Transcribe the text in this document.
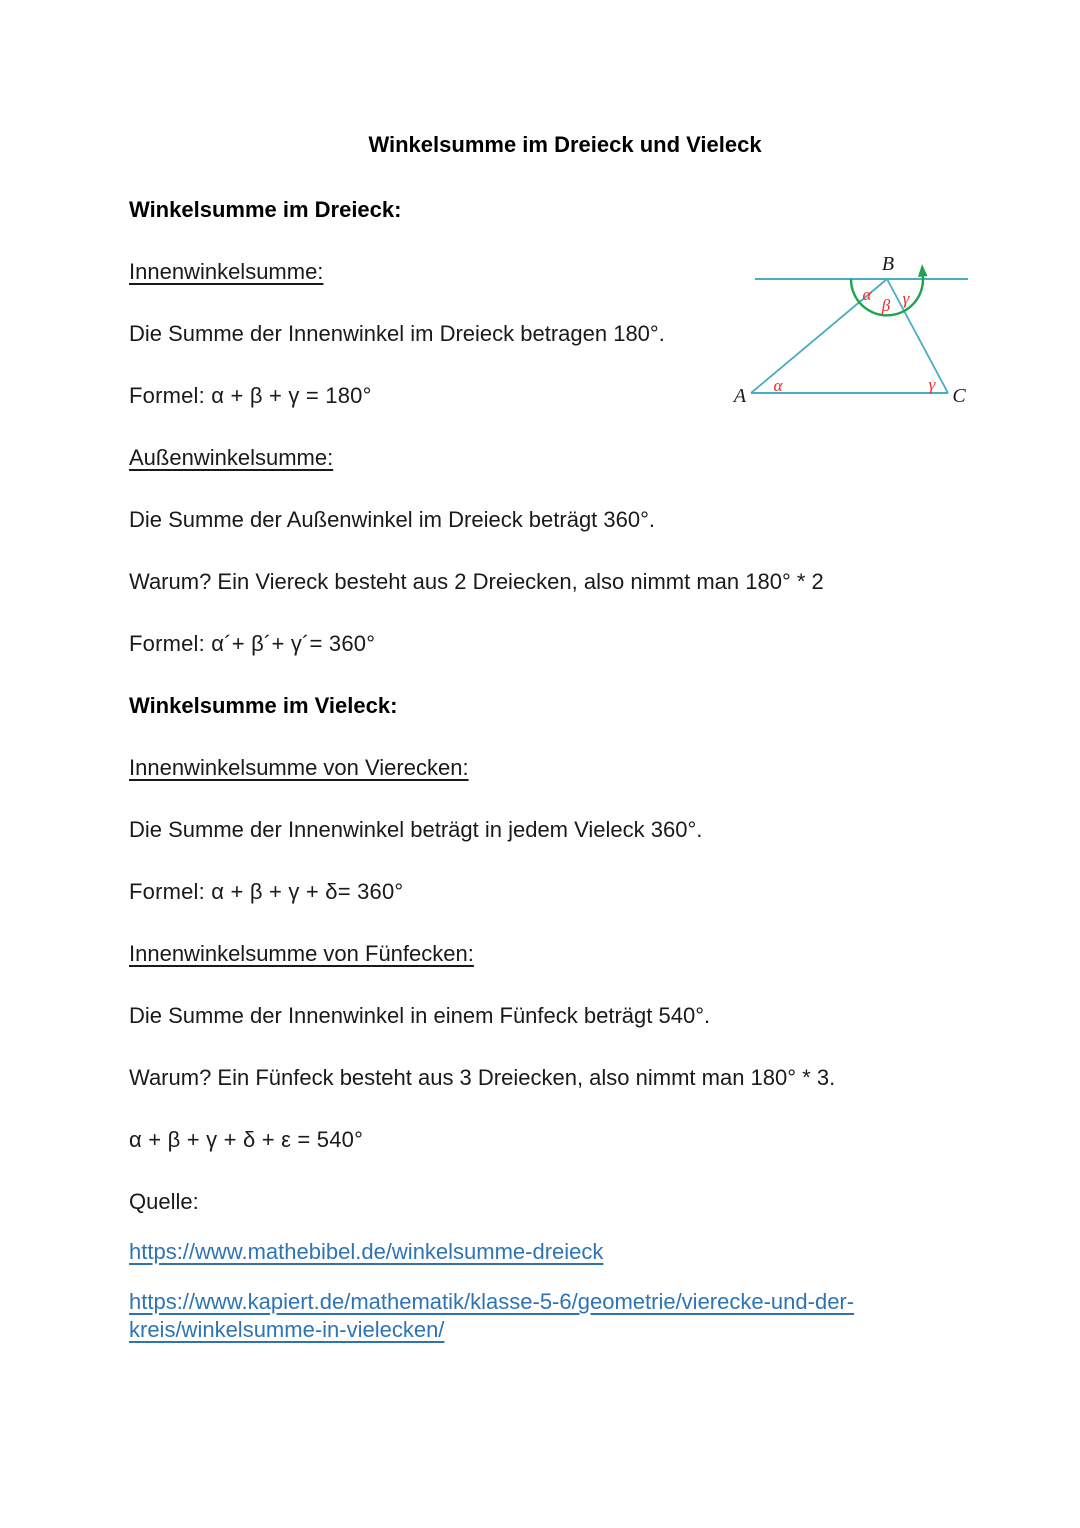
Winkelsumme im Dreieck und Vieleck

Winkelsumme im Dreieck:

Innenwinkelsumme:

Die Summe der Innenwinkel im Dreieck betragen 180°.

Formel: α + β + γ = 180°

Außenwinkelsumme:

Die Summe der Außenwinkel im Dreieck beträgt 360°.

Warum? Ein Viereck besteht aus 2 Dreiecken, also nimmt man 180° * 2

Formel: α´+ β´+ γ´= 360°

Winkelsumme im Vieleck:

Innenwinkelsumme von Vierecken:

Die Summe der Innenwinkel beträgt in jedem Vieleck 360°.

Formel: α + β + γ + δ= 360°

Innenwinkelsumme von Fünfecken:

Die Summe der Innenwinkel in einem Fünfeck beträgt 540°.

Warum? Ein Fünfeck besteht aus 3 Dreiecken, also nimmt man 180° * 3.

α + β + γ + δ + ε = 540°

Quelle:

https://www.mathebibel.de/winkelsumme-dreieck

https://www.kapiert.de/mathematik/klasse-5-6/geometrie/vierecke-und-der-kreis/winkelsumme-in-vielecken/

B
A	C
α
β γ
α	γ
